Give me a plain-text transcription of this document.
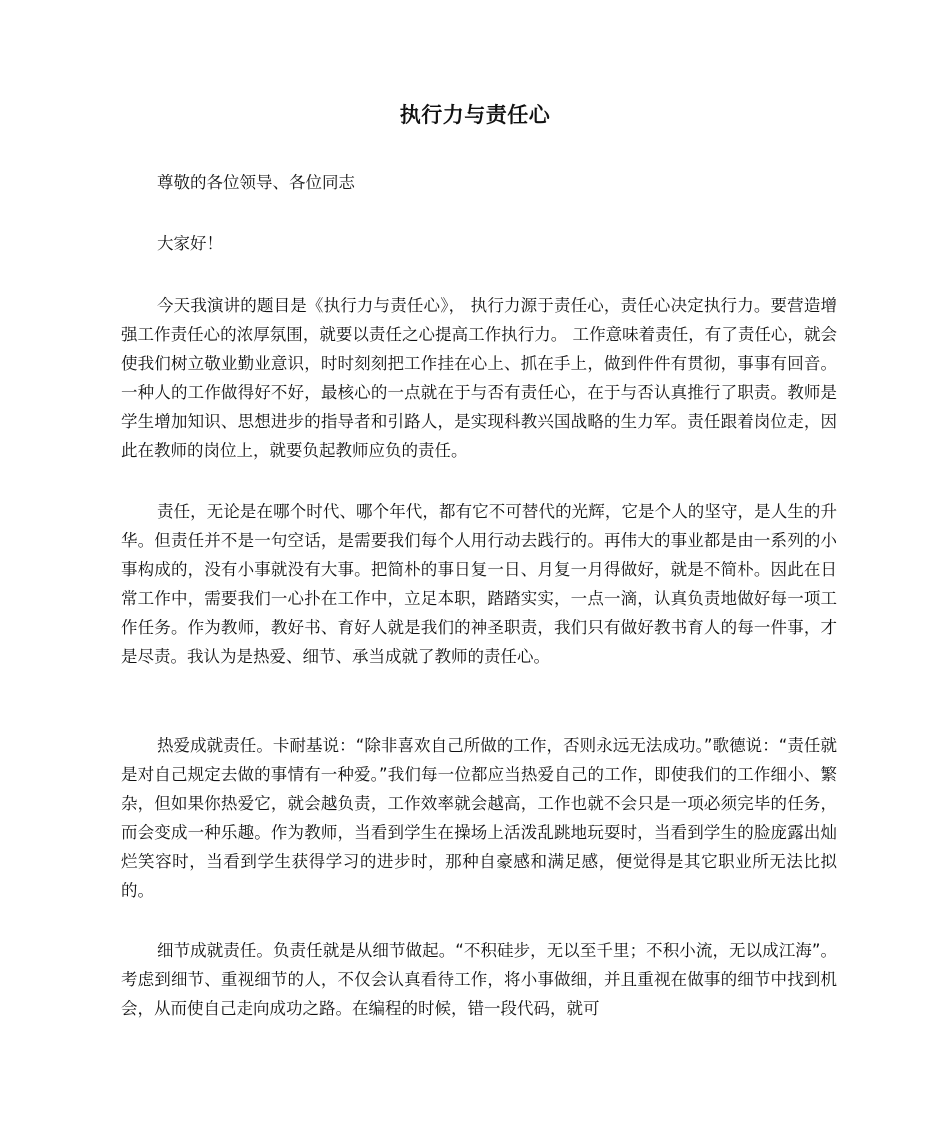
执行力与责任心

尊敬的各位领导、各位同志

大家好！

今天我演讲的题目是《执行力与责任心》， 执行力源于责任心，责任心决定执行力。要营造增强工作责任心的浓厚氛围，就要以责任之心提高工作执行力。 工作意味着责任，有了责任心，就会使我们树立敬业勤业意识，时时刻刻把工作挂在心上、抓在手上，做到件件有贯彻，事事有回音。一种人的工作做得好不好，最核心的一点就在于与否有责任心，在于与否认真推行了职责。教师是学生增加知识、思想进步的指导者和引路人，是实现科教兴国战略的生力军。责任跟着岗位走，因此在教师的岗位上，就要负起教师应负的责任。

责任，无论是在哪个时代、哪个年代，都有它不可替代的光辉，它是个人的坚守，是人生的升华。但责任并不是一句空话，是需要我们每个人用行动去践行的。再伟大的事业都是由一系列的小事构成的，没有小事就没有大事。把简朴的事日复一日、月复一月得做好，就是不简朴。因此在日常工作中，需要我们一心扑在工作中，立足本职，踏踏实实，一点一滴，认真负责地做好每一项工作任务。作为教师，教好书、育好人就是我们的神圣职责，我们只有做好教书育人的每一件事，才是尽责。我认为是热爱、细节、承当成就了教师的责任心。

热爱成就责任。卡耐基说：“除非喜欢自己所做的工作，否则永远无法成功。”歌德说：“责任就是对自己规定去做的事情有一种爱。”我们每一位都应当热爱自己的工作，即使我们的工作细小、繁杂，但如果你热爱它，就会越负责，工作效率就会越高，工作也就不会只是一项必须完毕的任务，而会变成一种乐趣。作为教师，当看到学生在操场上活泼乱跳地玩耍时，当看到学生的脸庞露出灿烂笑容时，当看到学生获得学习的进步时，那种自豪感和满足感，便觉得是其它职业所无法比拟的。

细节成就责任。负责任就是从细节做起。“不积硅步，无以至千里；不积小流，无以成江海”。 考虑到细节、重视细节的人，不仅会认真看待工作，将小事做细，并且重视在做事的细节中找到机会，从而使自己走向成功之路。在编程的时候，错一段代码，就可
